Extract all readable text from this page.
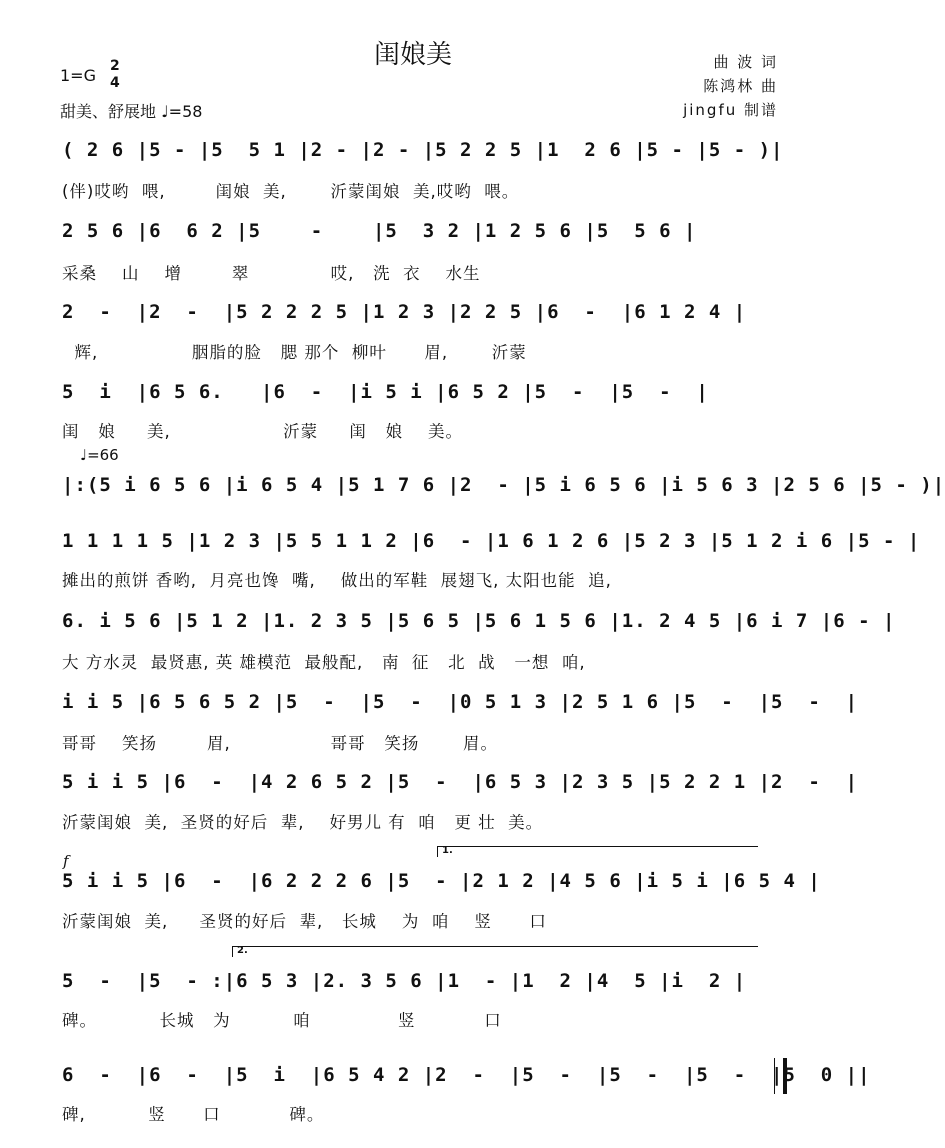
闺娘美
1=G 2
4
甜美、舒展地 ♩=58
曲 波 词
陈鸿林 曲
jingfu 制谱
♩=66
f
1.
2.
( 2 6 |5 - |5  5 1 |2 - |2 - |5 2 2 5 |1  2 6 |5 - |5 - )|
(伴)哎哟  喂,        闺娘  美,       沂蒙闺娘  美,哎哟  喂。
2 5 6 |6  6 2 |5    -    |5  3 2 |1 2 5 6 |5  5 6 |
采桑    山    增        翠             哎,   洗  衣    水生
2  -  |2  -  |5 2 2 2 5 |1 2 3 |2 2 5 |6  -  |6 1 2 4 |
辉,               胭脂的脸   腮 那个  柳叶      眉,       沂蒙
5  i  |6 5 6.   |6  -  |i 5 i |6 5 2 |5  -  |5  -  |
闺   娘     美,                  沂蒙     闺   娘    美。
|:(5 i 6 5 6 |i 6 5 4 |5 1 7 6 |2  - |5 i 6 5 6 |i 5 6 3 |2 5 6 |5 - )|
1 1 1 1 5 |1 2 3 |5 5 1 1 2 |6  - |1 6 1 2 6 |5 2 3 |5 1 2 i 6 |5 - |
摊出的煎饼 香哟,  月亮也馋  嘴,    做出的军鞋  展翅飞, 太阳也能  追,
6. i 5 6 |5 1 2 |1. 2 3 5 |5 6 5 |5 6 1 5 6 |1. 2 4 5 |6 i 7 |6 - |
大 方水灵  最贤惠, 英 雄模范  最般配,   南  征   北  战   一想  咱,
i i 5 |6 5 6 5 2 |5  -  |5  -  |0 5 1 3 |2 5 1 6 |5  -  |5  -  |
哥哥    笑扬        眉,                哥哥   笑扬       眉。
5 i i 5 |6  -  |4 2 6 5 2 |5  -  |6 5 3 |2 3 5 |5 2 2 1 |2  -  |
沂蒙闺娘  美,  圣贤的好后  辈,    好男儿 有  咱   更 壮  美。
5 i i 5 |6  -  |6 2 2 2 6 |5  - |2 1 2 |4 5 6 |i 5 i |6 5 4 |
沂蒙闺娘  美,     圣贤的好后  辈,   长城    为  咱    竖      口
5  -  |5  - :|6 5 3 |2. 3 5 6 |1  - |1  2 |4  5 |i  2 |
碑。          长城   为          咱              竖           口
6  -  |6  -  |5  i  |6 5 4 2 |2  -  |5  -  |5  -  |5  -  |5  0 ||
碑,          竖      口           碑。
